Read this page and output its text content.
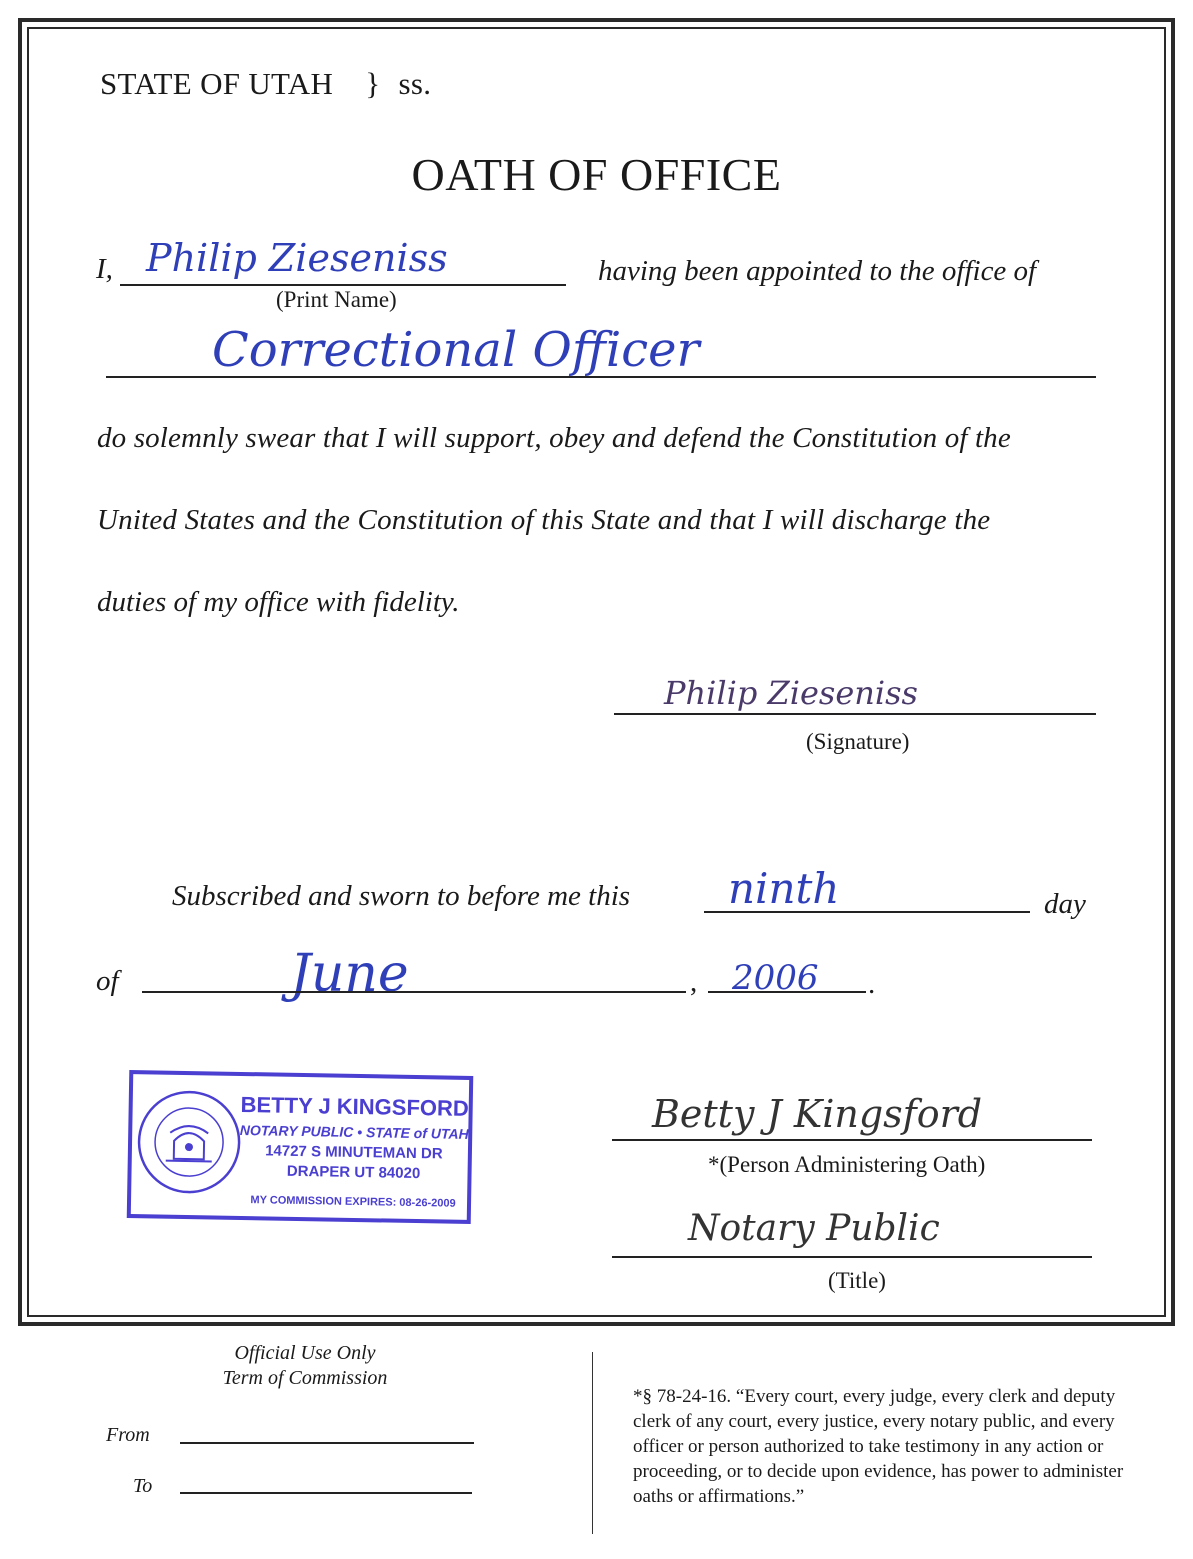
STATE OF UTAH } ss.
OATH OF OFFICE
I, Philip Zieseniss
(Print Name)
having been appointed to the office of
Correctional Officer
do solemnly swear that I will support, obey and defend the Constitution of the
United States and the Constitution of this State and that I will discharge the
duties of my office with fidelity.
Philip Zieseniss
(Signature)
Subscribed and sworn to before me this ninth	day
of	June	, 2006 .
BETTY J KINGSFORD
NOTARY PUBLIC • STATE of UTAH
14727 S MINUTEMAN DR
DRAPER UT 84020
MY COMMISSION EXPIRES: 08-26-2009
Betty J Kingsford
*(Person Administering Oath)
Notary Public
(Title)
Official Use Only
Term of Commission
From
To
*§ 78-24-16. “Every court, every judge, every clerk and deputy clerk of any court, every justice, every notary public, and every officer or person authorized to take testimony in any action or proceeding, or to decide upon evidence, has power to administer oaths or affirmations.”
